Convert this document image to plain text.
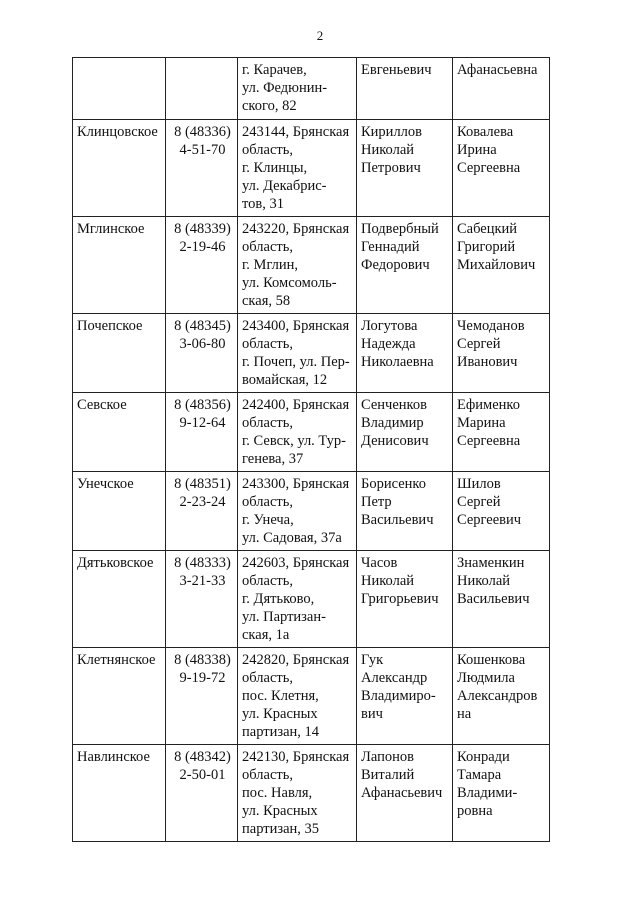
2

		г. Карачев,
ул. Федюнин-
ского, 82	Евгеньевич	Афанасьевна

Клинцовское	8 (48336)
4-51-70	243144, Брянская
область,
г. Клинцы,
ул. Декабрис-
тов, 31	Кириллов
Николай
Петрович	Ковалева
Ирина
Сергеевна

Мглинское	8 (48339)
2-19-46	243220, Брянская
область,
г. Мглин,
ул. Комсомоль-
ская, 58	Подвербный
Геннадий
Федорович	Сабецкий
Григорий
Михайлович

Почепское	8 (48345)
3-06-80	243400, Брянская
область,
г. Почеп, ул. Пер-
вомайская, 12	Логутова
Надежда
Николаевна	Чемоданов
Сергей
Иванович

Севское	8 (48356)
9-12-64	242400, Брянская
область,
г. Севск, ул. Тур-
генева, 37	Сенченков
Владимир
Денисович	Ефименко
Марина
Сергеевна

Унечское	8 (48351)
2-23-24	243300, Брянская
область,
г. Унеча,
ул. Садовая, 37а	Борисенко
Петр
Васильевич	Шилов
Сергей
Сергеевич

Дятьковское	8 (48333)
3-21-33	242603, Брянская
область,
г. Дятьково,
ул. Партизан-
ская, 1а	Часов
Николай
Григорьевич	Знаменкин
Николай
Васильевич

Клетнянское	8 (48338)
9-19-72	242820, Брянская
область,
пос. Клетня,
ул. Красных
партизан, 14	Гук
Александр
Владимиро-
вич	Кошенкова
Людмила
Александров
на

Навлинское	8 (48342)
2-50-01	242130, Брянская
область,
пос. Навля,
ул. Красных
партизан, 35	Лапонов
Виталий
Афанасьевич	Конради
Тамара
Владими-
ровна
